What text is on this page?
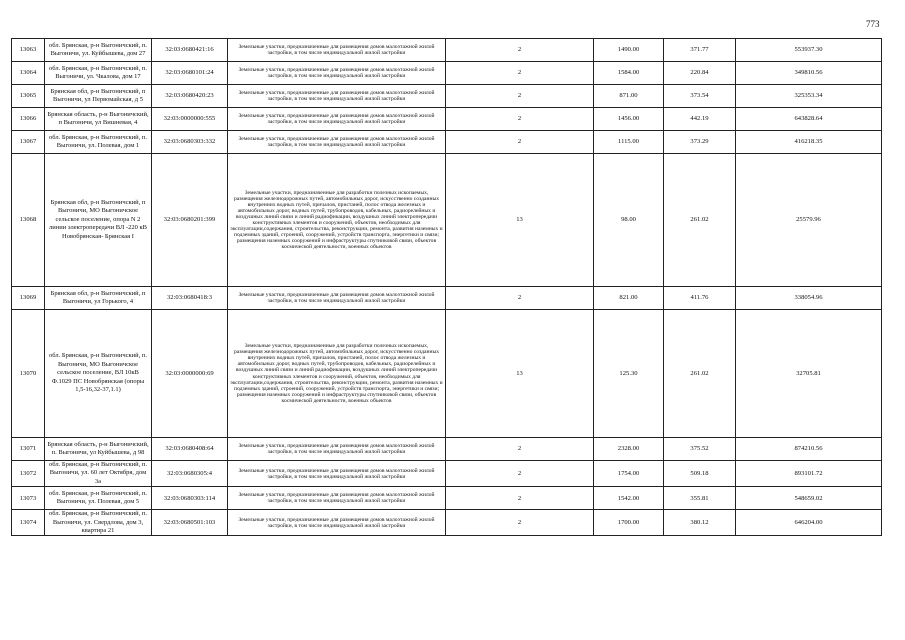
773
13063	обл. Брянская, р-н Выгоничский, п. Выгоничи, ул. Куйбышева, дом 27	32:03:0680421:16	Земельные участки, предназначенные для размещения домов малоэтажной жилой застройки, в том числе индивидуальной жилой застройки	2	1490.00	371.77	553937.30
13064	обл. Брянская, р-н Выгоничский, п. Выгоничи, ул. Чкалова, дом 17	32:03:0680101:24	Земельные участки, предназначенные для размещения домов малоэтажной жилой застройки, в том числе индивидуальной жилой застройки	2	1584.00	220.84	349810.56
13065	Брянская обл, р-н Выгоничский, п Выгоничи, ул Первомайская, д 5	32:03:0680420:23	Земельные участки, предназначенные для размещения домов малоэтажной жилой застройки, в том числе индивидуальной жилой застройки	2	871.00	373.54	325353.34
13066	Брянская область, р-н Выгоничский, п Выгоничи, ул Вишневая, 4	32:03:0000000:555	Земельные участки, предназначенные для размещения домов малоэтажной жилой застройки, в том числе индивидуальной жилой застройки	2	1456.00	442.19	643828.64
13067	обл. Брянская, р-н Выгоничский, п. Выгоничи, ул. Полевая, дом 1	32:03:0680303:332	Земельные участки, предназначенные для размещения домов малоэтажной жилой застройки, в том числе индивидуальной жилой застройки	2	1115.00	373.29	416218.35
13068	Брянская обл, р-н Выгоничский, п Выгоничи, МО Выгоничское сельское поселение, опора N 2 линии электропередачи ВЛ -220 кВ Новобрянская- Брянская I	32:03:0680201:399	Земельные участки, предназначенные для разработки полезных ископаемых, размещения железнодорожных путей, автомобильных дорог, искусственно созданных внутренних водных путей, причалов, пристаней, полос отвода железных и автомобильных дорог, водных путей, трубопроводов, кабельных, радиорелейных и воздушных линий связи и линий радиофикации, воздушных линий электропередачи конструктивных элементов и сооружений, объектов, необходимых для эксплуатации,содержания, строительства, реконструкции, ремонта, развития наземных и подземных зданий, строений, сооружений, устройств транспорта, энергетики и связи; размещения наземных сооружений и инфраструктуры спутниковой связи, объектов космической деятельности, военных объектов	13	98.00	261.02	25579.96
13069	Брянская обл, р-н Выгоничский, п Выгоничи, ул Горького, 4	32:03:0680418:3	Земельные участки, предназначенные для размещения домов малоэтажной жилой застройки, в том числе индивидуальной жилой застройки	2	821.00	411.76	338054.96
13070	обл. Брянская, р-н Выгоничский, п. Выгоничи, МО Выгоничское сельское поселение, ВЛ 10кВ Ф.1029 ПС Новобрянская (опоры 1,5-16,32-37,1.1)	32:03:0000000:69	Земельные участки, предназначенные для разработки полезных ископаемых, размещения железнодорожных путей, автомобильных дорог, искусственно созданных внутренних водных путей, причалов, пристаней, полос отвода железных и автомобильных дорог, водных путей, трубопроводов, кабельных, радиорелейных и воздушных линий связи и линий радиофикации, воздушных линий электропередачи конструктивных элементов и сооружений, объектов, необходимых для эксплуатации,содержания, строительства, реконструкции, ремонта, развития наземных и подземных зданий, строений, сооружений, устройств транспорта, энергетики и связи; размещения наземных сооружений и инфраструктуры спутниковой связи, объектов космической деятельности, военных объектов	13	125.30	261.02	32705.81
13071	Брянская область, р-н Выгоничский, п. Выгоничи, ул Куйбышева, д 98	32:03:0680408:64	Земельные участки, предназначенные для размещения домов малоэтажной жилой застройки, в том числе индивидуальной жилой застройки	2	2328.00	375.52	874210.56
13072	обл. Брянская, р-н Выгоничский, п. Выгоничи, ул. 60 лет Октября, дом 3а	32:03:0680305:4	Земельные участки, предназначенные для размещения домов малоэтажной жилой застройки, в том числе индивидуальной жилой застройки	2	1754.00	509.18	893101.72
13073	обл. Брянская, р-н Выгоничский, п. Выгоничи, ул. Полевая, дом 5	32:03:0680303:114	Земельные участки, предназначенные для размещения домов малоэтажной жилой застройки, в том числе индивидуальной жилой застройки	2	1542.00	355.81	548659.02
13074	обл. Брянская, р-н Выгоничский, п. Выгоничи, ул. Свердлова, дом 3, квартира 21	32:03:0680501:103	Земельные участки, предназначенные для размещения домов малоэтажной жилой застройки, в том числе индивидуальной жилой застройки	2	1700.00	380.12	646204.00
